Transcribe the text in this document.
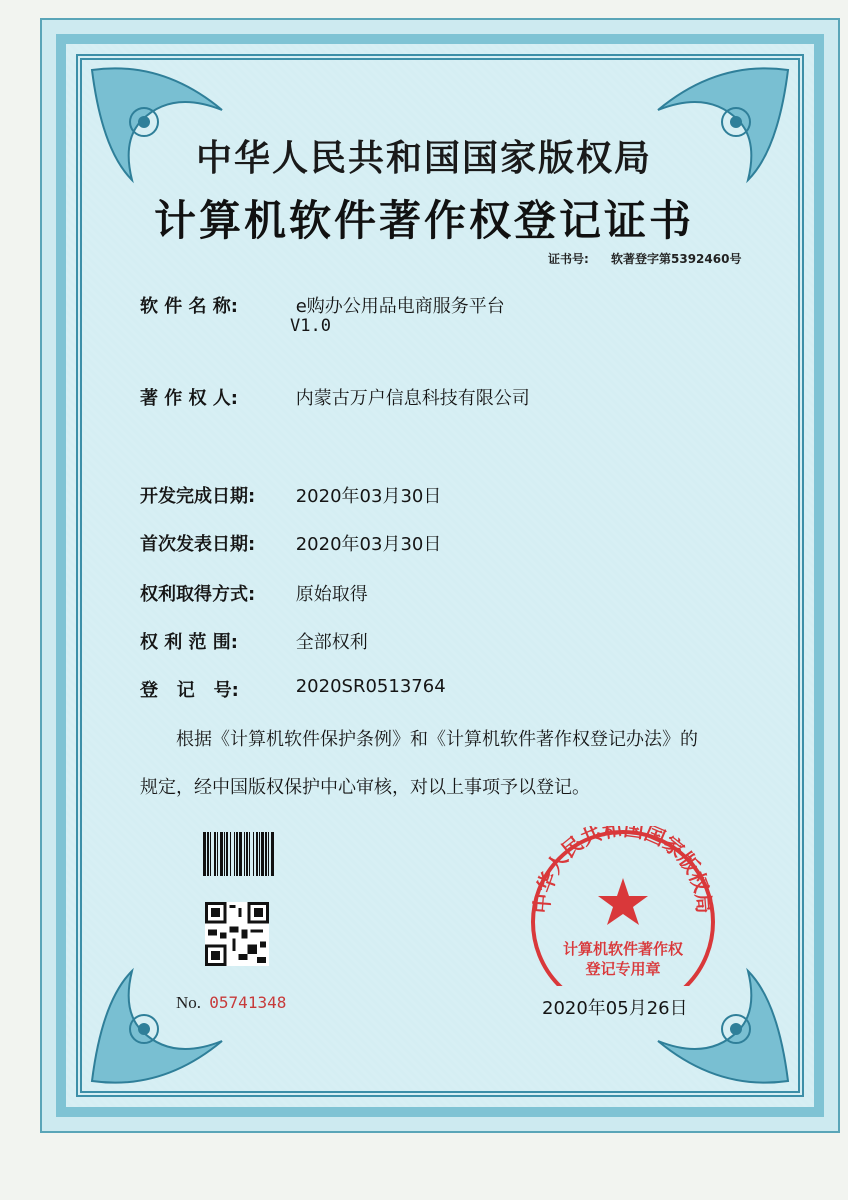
中华人民共和国国家版权局
计算机软件著作权登记证书
证书号: 软著登字第5392460号
软 件 名 称:	e购办公用品电商服务平台
V1.0
著 作 权 人:	内蒙古万户信息科技有限公司
开发完成日期: 2020年03月30日
首次发表日期: 2020年03月30日
权利取得方式: 原始取得
权 利 范 围:	全部权利
登   记   号:	2020SR0513764
根据《计算机软件保护条例》和《计算机软件著作权登记办法》的
规定，经中国版权保护中心审核，对以上事项予以登记。
No. 05741348
中华人民共和国国家版权局
计算机软件著作权
登记专用章
2020年05月26日
